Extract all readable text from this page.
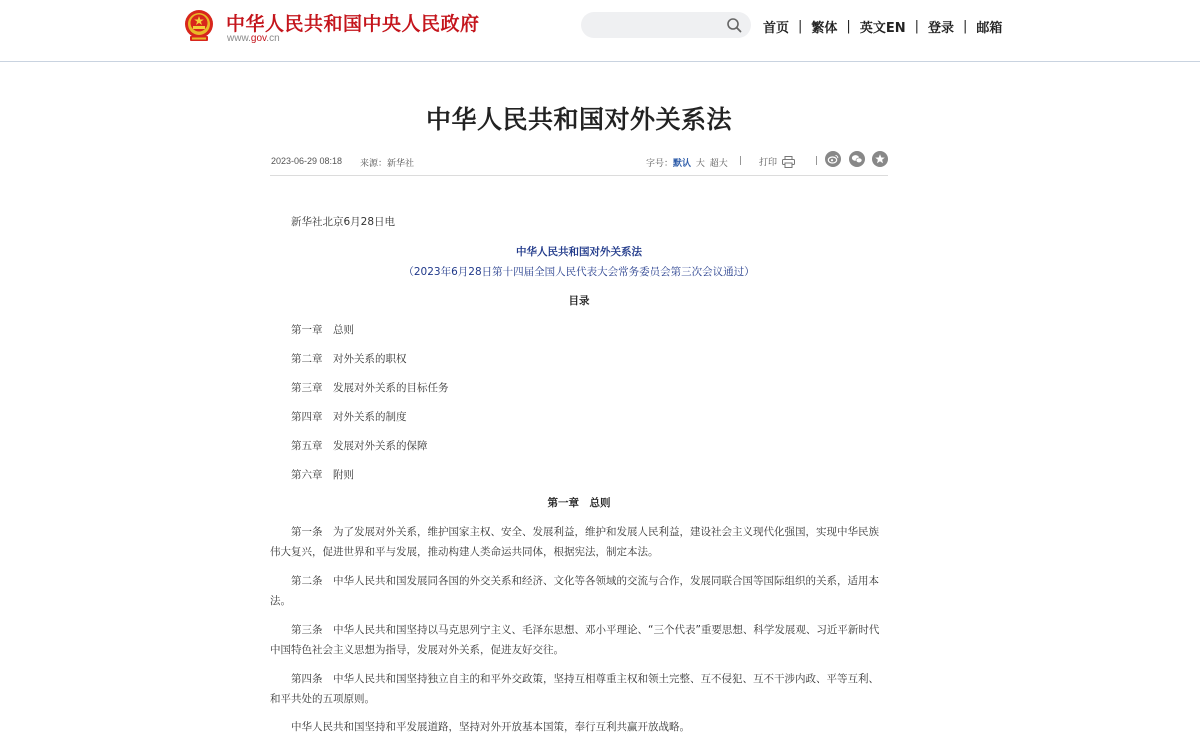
中华人民共和国中央人民政府
www.gov.cn
首页 | 繁体 | 英文EN | 登录 | 邮箱
中华人民共和国对外关系法
2023-06-29 08:18 来源：新华社	字号：默认 大 超大 | 打印	|
新华社北京6月28日电
中华人民共和国对外关系法
（2023年6月28日第十四届全国人民代表大会常务委员会第三次会议通过）
目录
第一章　总则
第二章　对外关系的职权
第三章　发展对外关系的目标任务
第四章　对外关系的制度
第五章　发展对外关系的保障
第六章　附则
第一章　总则
第一条　为了发展对外关系，维护国家主权、安全、发展利益，维护和发展人民利益，建设社会主义现代化强国，实现中华民族伟大复兴，促进世界和平与发展，推动构建人类命运共同体，根据宪法，制定本法。
第二条　中华人民共和国发展同各国的外交关系和经济、文化等各领域的交流与合作，发展同联合国等国际组织的关系，适用本法。
第三条　中华人民共和国坚持以马克思列宁主义、毛泽东思想、邓小平理论、“三个代表”重要思想、科学发展观、习近平新时代中国特色社会主义思想为指导，发展对外关系，促进友好交往。
第四条　中华人民共和国坚持独立自主的和平外交政策，坚持互相尊重主权和领土完整、互不侵犯、互不干涉内政、平等互利、和平共处的五项原则。
中华人民共和国坚持和平发展道路，坚持对外开放基本国策，奉行互利共赢开放战略。
